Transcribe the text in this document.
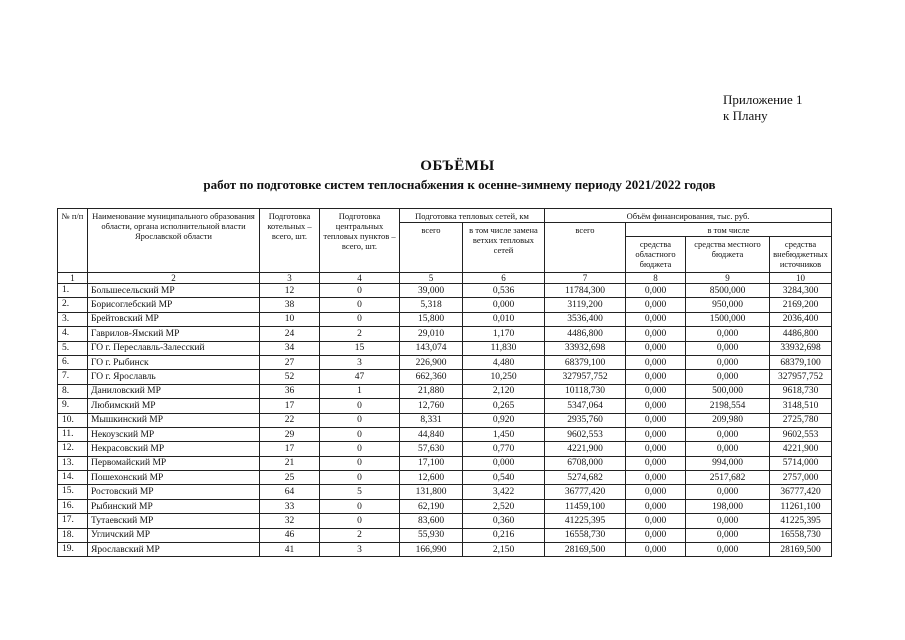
Приложение 1
к Плану
ОБЪЁМЫ
работ по подготовке систем теплоснабжения к осенне-зимнему периоду 2021/2022 годов
№ п/п	Наименование муниципального образования области, органа исполнительной власти Ярославской области	Подготовка котельных – всего, шт.	Подготовка центральных тепловых пунктов – всего, шт.	Подготовка тепловых сетей, км		Объём финансирования, тыс. руб.			
				всего	в том числе замена ветхих тепловых сетей	всего	в том числе		
							средства областного бюджета	средства местного бюджета	средства внебюджетных источников
1	2	3	4	5	6	7	8	9	10
1.	Большесельский МР	12	0	39,000	0,536	11784,300	0,000	8500,000	3284,300
2.	Борисоглебский МР	38	0	5,318	0,000	3119,200	0,000	950,000	2169,200
3.	Брейтовский МР	10	0	15,800	0,010	3536,400	0,000	1500,000	2036,400
4.	Гаврилов-Ямский МР	24	2	29,010	1,170	4486,800	0,000	0,000	4486,800
5.	ГО г. Переславль-Залесский	34	15	143,074	11,830	33932,698	0,000	0,000	33932,698
6.	ГО г. Рыбинск	27	3	226,900	4,480	68379,100	0,000	0,000	68379,100
7.	ГО г. Ярославль	52	47	662,360	10,250	327957,752	0,000	0,000	327957,752
8.	Даниловский МР	36	1	21,880	2,120	10118,730	0,000	500,000	9618,730
9.	Любимский МР	17	0	12,760	0,265	5347,064	0,000	2198,554	3148,510
10.	Мышкинский МР	22	0	8,331	0,920	2935,760	0,000	209,980	2725,780
11.	Некоузский МР	29	0	44,840	1,450	9602,553	0,000	0,000	9602,553
12.	Некрасовский МР	17	0	57,630	0,770	4221,900	0,000	0,000	4221,900
13.	Первомайский МР	21	0	17,100	0,000	6708,000	0,000	994,000	5714,000
14.	Пошехонский МР	25	0	12,600	0,540	5274,682	0,000	2517,682	2757,000
15.	Ростовский МР	64	5	131,800	3,422	36777,420	0,000	0,000	36777,420
16.	Рыбинский МР	33	0	62,190	2,520	11459,100	0,000	198,000	11261,100
17.	Тутаевский МР	32	0	83,600	0,360	41225,395	0,000	0,000	41225,395
18.	Угличский МР	46	2	55,930	0,216	16558,730	0,000	0,000	16558,730
19.	Ярославский МР	41	3	166,990	2,150	28169,500	0,000	0,000	28169,500
